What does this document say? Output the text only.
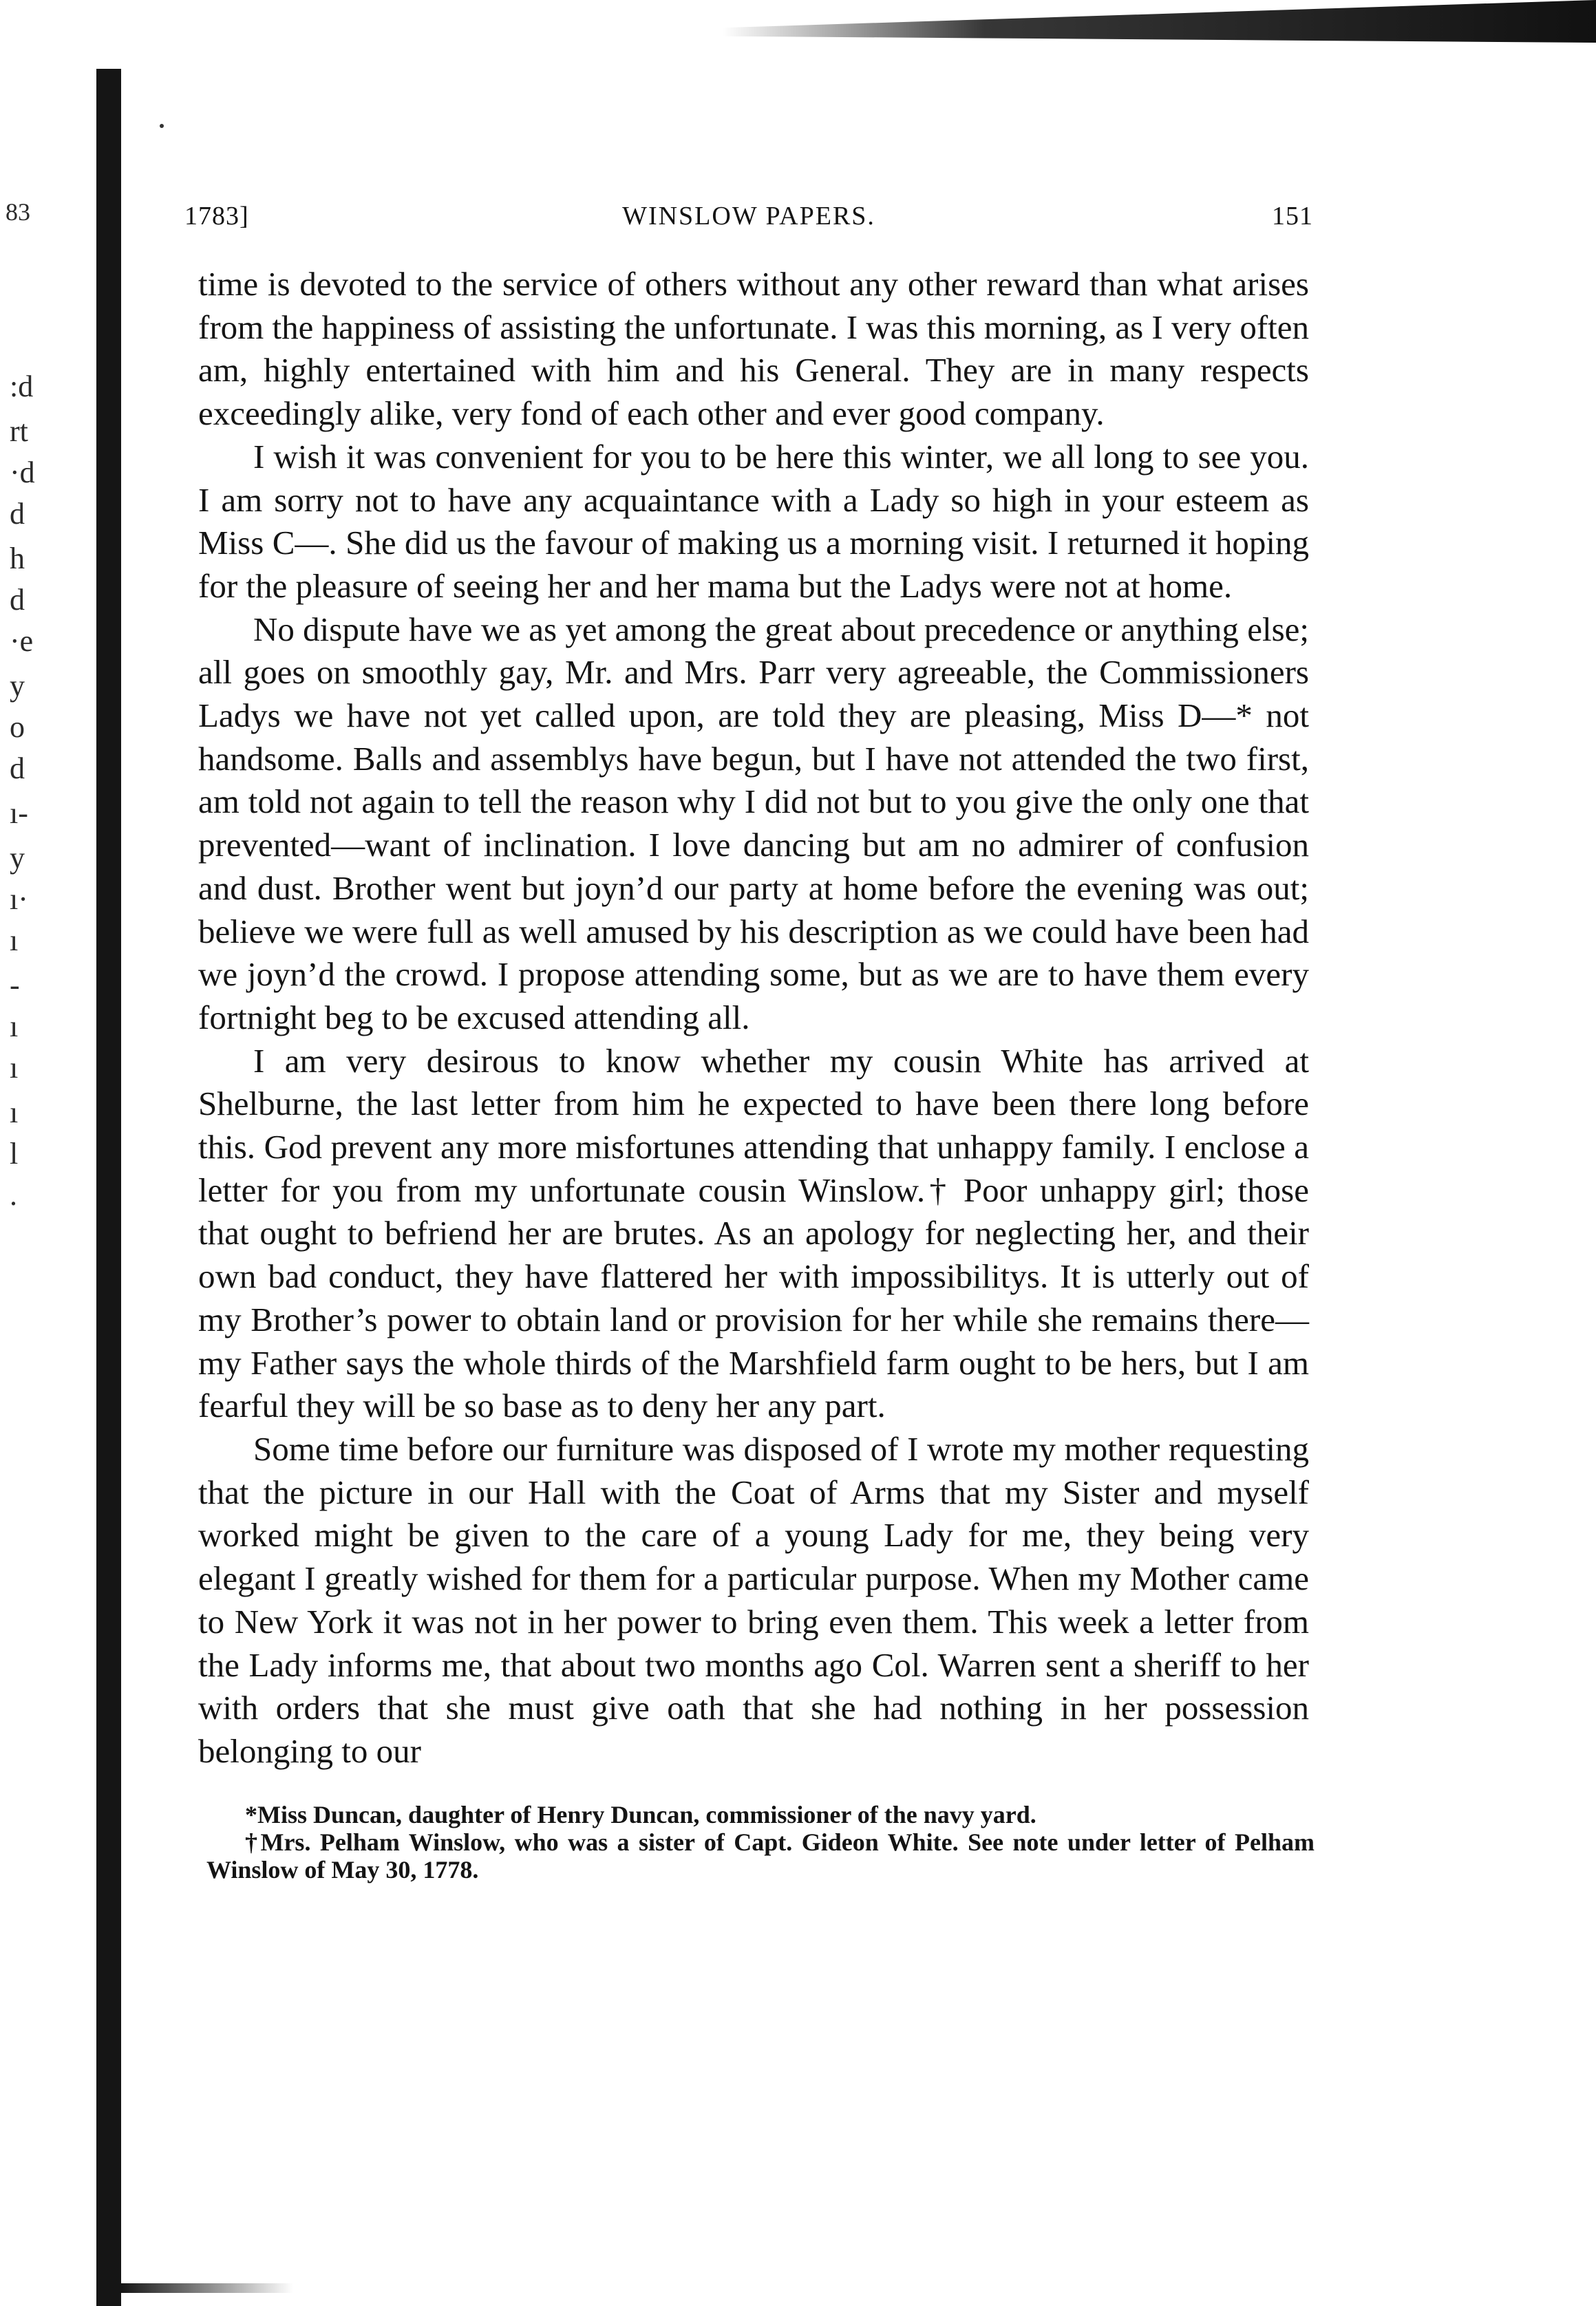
83
:d
rt
·d
d
h
d
·e
y
o
d
ı-
y
ı·
ı
-
ı
ı
ı
l
.
1783]	WINSLOW PAPERS.	151

time is devoted to the service of others without any other reward than what arises from the happiness of assisting the unfortunate. I was this morning, as I very often am, highly entertained with him and his General. They are in many respects exceedingly alike, very fond of each other and ever good company.

I wish it was convenient for you to be here this winter, we all long to see you. I am sorry not to have any acquaintance with a Lady so high in your esteem as Miss C—. She did us the favour of making us a morning visit. I returned it hoping for the pleasure of seeing her and her mama but the Ladys were not at home.

No dispute have we as yet among the great about precedence or anything else; all goes on smoothly gay, Mr. and Mrs. Parr very agreeable, the Commissioners Ladys we have not yet called upon, are told they are pleasing, Miss D—* not handsome. Balls and assemblys have begun, but I have not attended the two first, am told not again to tell the reason why I did not but to you give the only one that prevented—want of inclination. I love dancing but am no admirer of confusion and dust. Brother went but joyn’d our party at home before the evening was out; believe we were full as well amused by his description as we could have been had we joyn’d the crowd. I propose attending some, but as we are to have them every fortnight beg to be excused attending all.

I am very desirous to know whether my cousin White has arrived at Shelburne, the last letter from him he expected to have been there long before this. God prevent any more misfortunes attending that unhappy family. I enclose a letter for you from my unfortunate cousin Winslow.† Poor unhappy girl; those that ought to befriend her are brutes. As an apology for neglecting her, and their own bad conduct, they have flattered her with impossibilitys. It is utterly out of my Brother’s power to obtain land or provision for her while she remains there—my Father says the whole thirds of the Marshfield farm ought to be hers, but I am fearful they will be so base as to deny her any part.

Some time before our furniture was disposed of I wrote my mother requesting that the picture in our Hall with the Coat of Arms that my Sister and myself worked might be given to the care of a young Lady for me, they being very elegant I greatly wished for them for a particular purpose. When my Mother came to New York it was not in her power to bring even them. This week a letter from the Lady informs me, that about two months ago Col. Warren sent a sheriff to her with orders that she must give oath that she had nothing in her possession belonging to our

*Miss Duncan, daughter of Henry Duncan, commissioner of the navy yard.

†Mrs. Pelham Winslow, who was a sister of Capt. Gideon White. See note under letter of Pelham Winslow of May 30, 1778.
